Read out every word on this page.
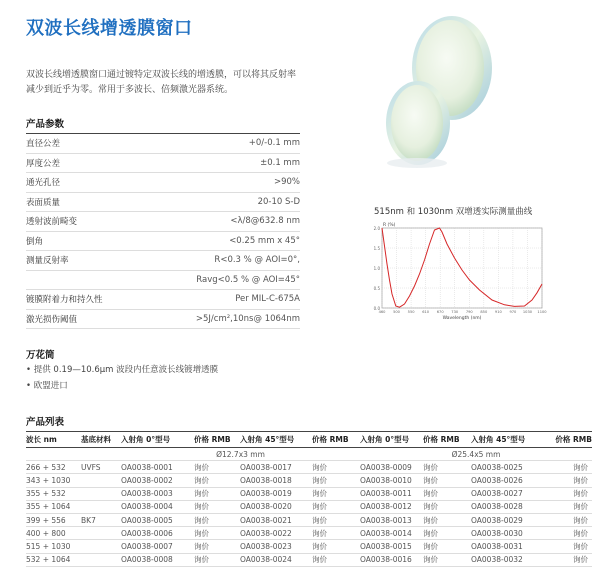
双波长线增透膜窗口

双波长线增透膜窗口通过镀特定双波长线的增透膜，可以将其反射率减少到近乎为零。常用于多波长、倍频激光器系统。

产品参数
直径公差	+0/-0.1 mm
厚度公差	±0.1 mm
通光孔径	>90%
表面质量	20-10 S-D
透射波前畸变	<λ/8@632.8 nm
倒角	<0.25 mm x 45°
测量反射率	R<0.3 % @ AOI=0°,
Ravg<0.5 % @ AOI=45°
镀膜附着力和持久性	Per MIL-C-675A
激光损伤阈值	>5J/cm²,10ns@ 1064nm
万花筒
• 提供 0.19—10.6μm 波段内任意波长线镀增透膜
• 欧盟进口
产品列表
波长 nm	基底材料	入射角 0°型号	价格 RMB	入射角 45°型号	价格 RMB	入射角 0°型号	价格 RMB	入射角 45°型号	价格 RMB
		Ø12.7x3 mm				Ø25.4x5 mm			
266 + 532	UVFS	OA0038-0001	询价	OA0038-0017	询价	OA0038-0009	询价	OA0038-0025	询价
343 + 1030		OA0038-0002	询价	OA0038-0018	询价	OA0038-0010	询价	OA0038-0026	询价
355 + 532		OA0038-0003	询价	OA0038-0019	询价	OA0038-0011	询价	OA0038-0027	询价
355 + 1064		OA0038-0004	询价	OA0038-0020	询价	OA0038-0012	询价	OA0038-0028	询价
399 + 556	BK7	OA0038-0005	询价	OA0038-0021	询价	OA0038-0013	询价	OA0038-0029	询价
400 + 800		OA0038-0006	询价	OA0038-0022	询价	OA0038-0014	询价	OA0038-0030	询价
515 + 1030		OA0038-0007	询价	OA0038-0023	询价	OA0038-0015	询价	OA0038-0031	询价
532 + 1064		OA0038-0008	询价	OA0038-0024	询价	OA0038-0016	询价	OA0038-0032	询价
515nm 和 1030nm 双增透实际测量曲线
2.0
1.5
1.0
0.5
0.0
460 500 550 610 670 730 790 850 910 970 1030 1100
R (%)
Wavelength (nm)
